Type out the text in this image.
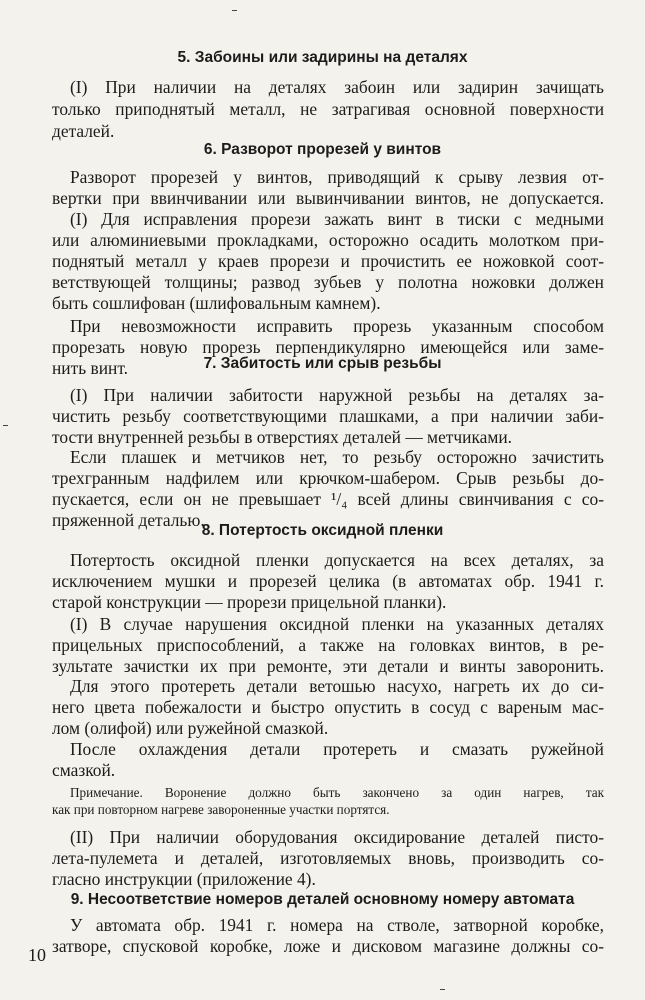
5. Забоины или задирины на деталях
(I) При наличии на деталях забоин или задирин зачищать
только приподнятый металл, не затрагивая основной поверхности
деталей.
6. Разворот прорезей у винтов
Разворот прорезей у винтов, приводящий к срыву лезвия от-
вертки при ввинчивании или вывинчивании винтов, не допускается.
(I) Для исправления прорези зажать винт в тиски с медными
или алюминиевыми прокладками, осторожно осадить молотком при-
поднятый металл у краев прорези и прочистить ее ножовкой соот-
ветствующей толщины; развод зубьев у полотна ножовки должен
быть сошлифован (шлифовальным камнем).
При невозможности исправить прорезь указанным способом
прорезать новую прорезь перпендикулярно имеющейся или заме-
нить винт.	7. Забитость или срыв резьбы
(I) При наличии забитости наружной резьбы на деталях за-
чистить резьбу соответствующими плашками, а при наличии заби-
тости внутренней резьбы в отверстиях деталей — метчиками.
Если плашек и метчиков нет, то резьбу осторожно зачистить
трехгранным надфилем или крючком-шабером. Срыв резьбы до-
пускается, если он не превышает ¹/₄ всей длины свинчивания с со-
пряженной деталью.
8. Потертость оксидной пленки
Потертость оксидной пленки допускается на всех деталях, за
исключением мушки и прорезей целика (в автоматах обр. 1941 г.
старой конструкции — прорези прицельной планки).
(I) В случае нарушения оксидной пленки на указанных деталях
прицельных приспособлений, а также на головках винтов, в ре-
зультате зачистки их при ремонте, эти детали и винты заворонить.
Для этого протереть детали ветошью насухо, нагреть их до си-
него цвета побежалости и быстро опустить в сосуд с вареным мас-
лом (олифой) или ружейной смазкой.
После охлаждения детали протереть и смазать ружейной
смазкой.
Примечание. Воронение должно быть закончено за один нагрев, так
как при повторном нагреве завороненные участки портятся.
(II) При наличии оборудования оксидирование деталей писто-
лета-пулемета и деталей, изготовляемых вновь, производить со-
гласно инструкции (приложение 4).
9. Несоответствие номеров деталей основному номеру автомата
У автомата обр. 1941 г. номера на стволе, затворной коробке,
затворе, спусковой коробке, ложе и дисковом магазине должны со-
10
